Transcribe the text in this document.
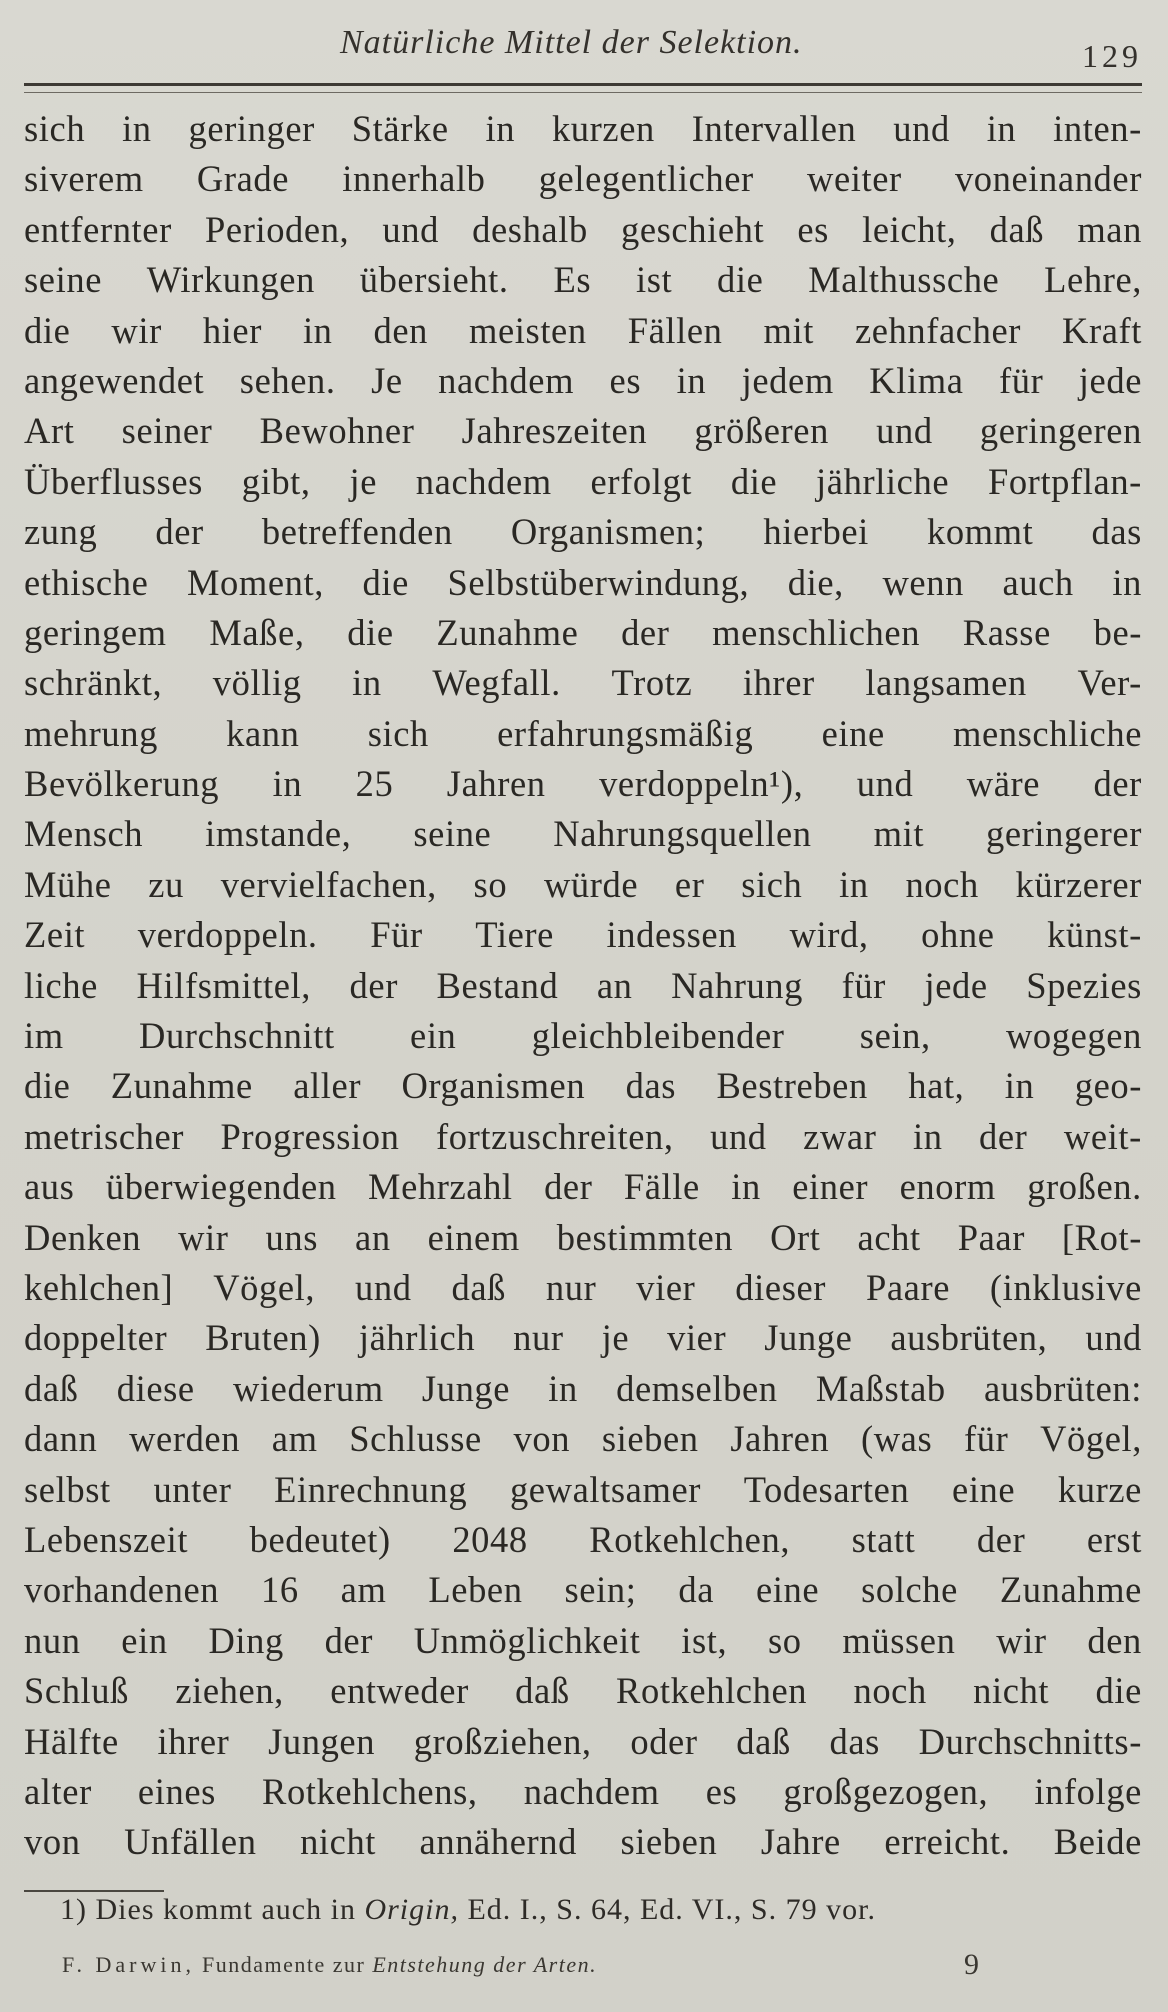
Natürliche Mittel der Selektion.	129
sich in geringer Stärke in kurzen Intervallen und in inten-
siverem Grade innerhalb gelegentlicher weiter voneinander
entfernter Perioden, und deshalb geschieht es leicht, daß man
seine Wirkungen übersieht. Es ist die Malthussche Lehre,
die wir hier in den meisten Fällen mit zehnfacher Kraft
angewendet sehen. Je nachdem es in jedem Klima für jede
Art seiner Bewohner Jahreszeiten größeren und geringeren
Überflusses gibt, je nachdem erfolgt die jährliche Fortpflan-
zung der betreffenden Organismen; hierbei kommt das
ethische Moment, die Selbstüberwindung, die, wenn auch in
geringem Maße, die Zunahme der menschlichen Rasse be-
schränkt, völlig in Wegfall. Trotz ihrer langsamen Ver-
mehrung kann sich erfahrungsmäßig eine menschliche
Bevölkerung in 25 Jahren verdoppeln¹), und wäre der
Mensch imstande, seine Nahrungsquellen mit geringerer
Mühe zu vervielfachen, so würde er sich in noch kürzerer
Zeit verdoppeln. Für Tiere indessen wird, ohne künst-
liche Hilfsmittel, der Bestand an Nahrung für jede Spezies
im Durchschnitt ein gleichbleibender sein, wogegen
die Zunahme aller Organismen das Bestreben hat, in geo-
metrischer Progression fortzuschreiten, und zwar in der weit-
aus überwiegenden Mehrzahl der Fälle in einer enorm großen.
Denken wir uns an einem bestimmten Ort acht Paar [Rot-
kehlchen] Vögel, und daß nur vier dieser Paare (inklusive
doppelter Bruten) jährlich nur je vier Junge ausbrüten, und
daß diese wiederum Junge in demselben Maßstab ausbrüten:
dann werden am Schlusse von sieben Jahren (was für Vögel,
selbst unter Einrechnung gewaltsamer Todesarten eine kurze
Lebenszeit bedeutet) 2048 Rotkehlchen, statt der erst
vorhandenen 16 am Leben sein; da eine solche Zunahme
nun ein Ding der Unmöglichkeit ist, so müssen wir den
Schluß ziehen, entweder daß Rotkehlchen noch nicht die
Hälfte ihrer Jungen großziehen, oder daß das Durchschnitts-
alter eines Rotkehlchens, nachdem es großgezogen, infolge
von Unfällen nicht annähernd sieben Jahre erreicht. Beide
1) Dies kommt auch in Origin, Ed. I., S. 64, Ed. VI., S. 79 vor.
F. Darwin, Fundamente zur Entstehung der Arten.	9
